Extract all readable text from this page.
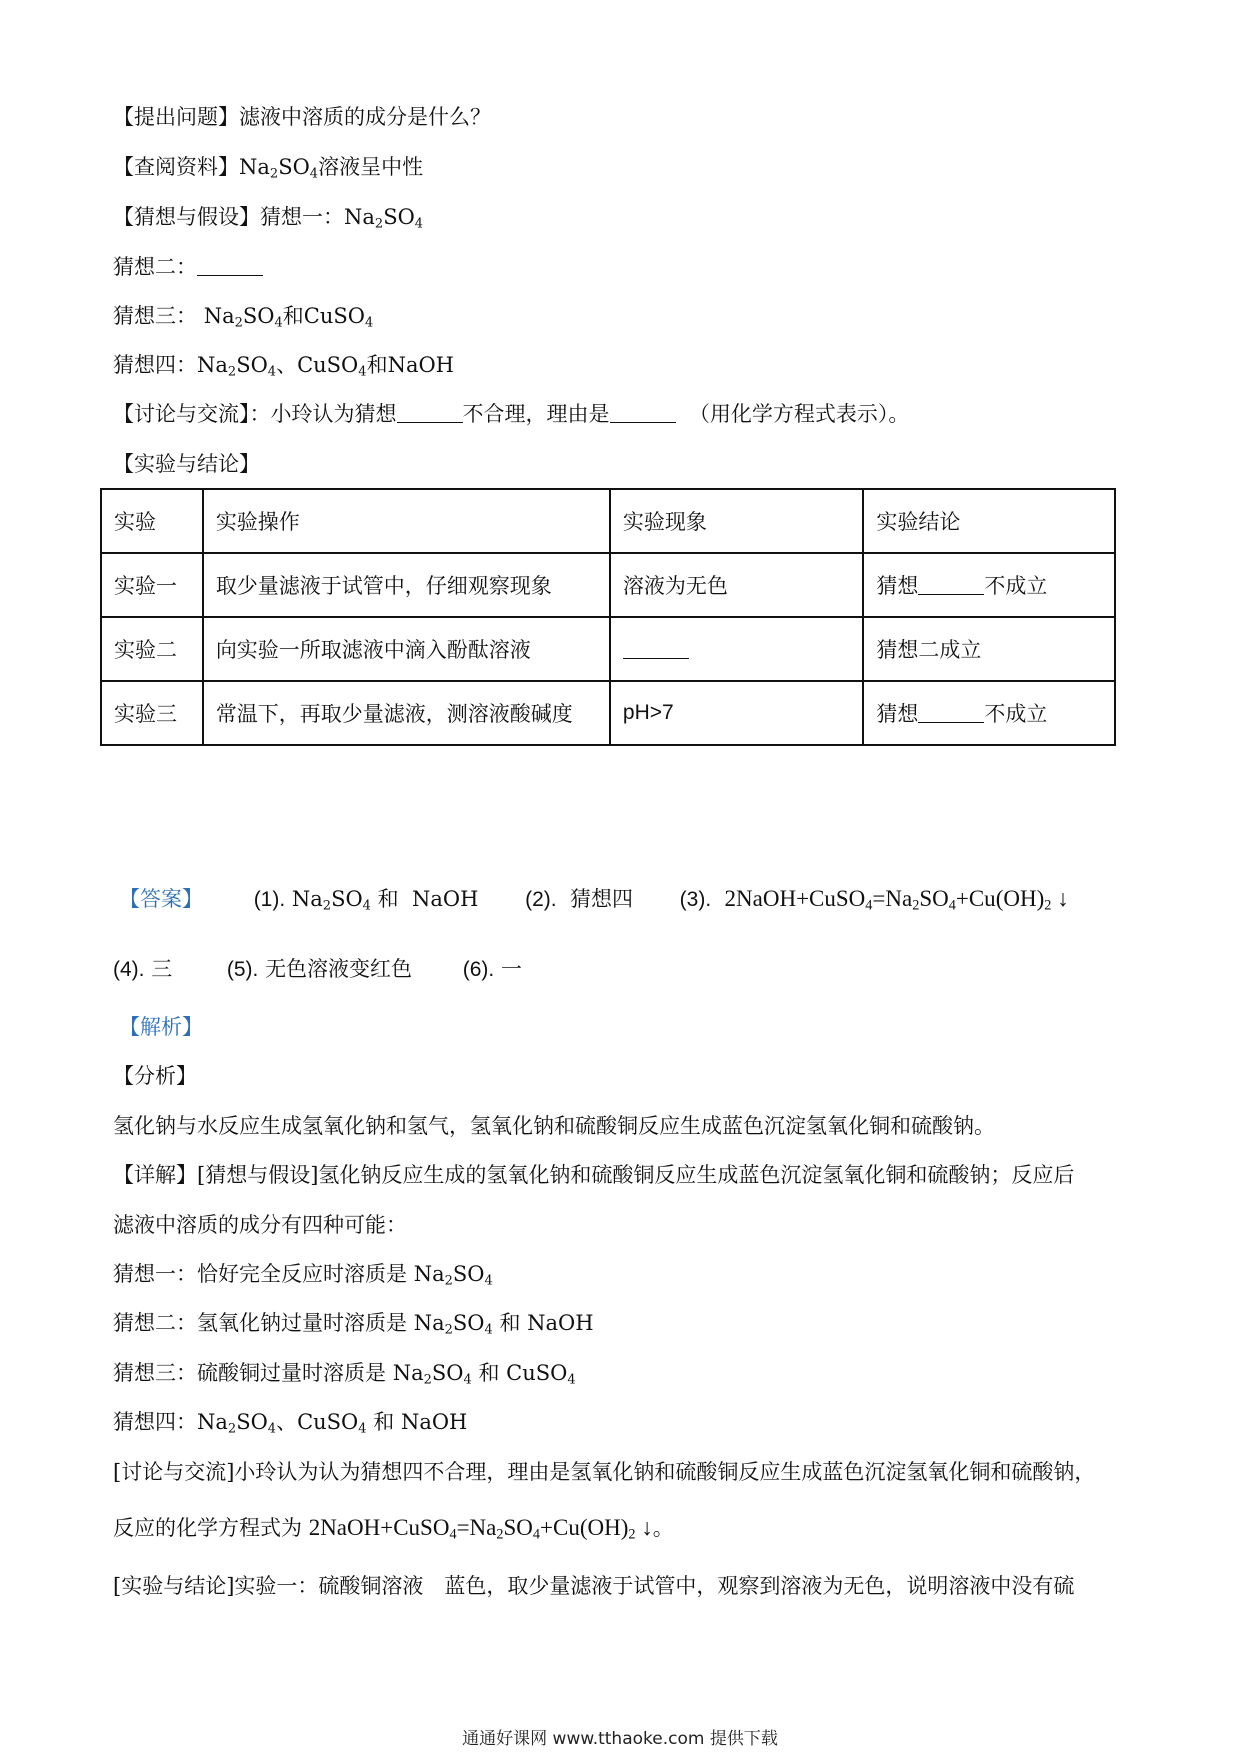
【提出问题】滤液中溶质的成分是什么？
【查阅资料】$Na_2SO_4$溶液呈中性
【猜想与假设】猜想一：$Na_2SO_4$
猜想二：
猜想三： $Na_2SO_4$和CuSO$_4$
猜想四：$Na_2SO_4$、CuSO$_4$和NaOH
【讨论与交流】：小玲认为猜想	不合理，理由是	（用化学方程式表示）。
【实验与结论】
实验	实验操作	实验现象	实验结论
实验一	取少量滤液于试管中，仔细观察现象	溶液为无色	猜想 不成立
实验二	向实验一所取滤液中滴入酚酞溶液		猜想二成立
实验三	常温下，再取少量滤液，测溶液酸碱度	pH>7	猜想 不成立
【答案】 (1). $Na_2SO_4$ 和 NaOH (2). 猜想四 (3). $2NaOH+CuSO_4=Na_2SO_4+Cu(OH)_2$ ↓
(4). 三	(5). 无色溶液变红色 (6). 一
【解析】
【分析】
氢化钠与水反应生成氢氧化钠和氢气，氢氧化钠和硫酸铜反应生成蓝色沉淀氢氧化铜和硫酸钠。
【详解】[猜想与假设]氢化钠反应生成的氢氧化钠和硫酸铜反应生成蓝色沉淀氢氧化铜和硫酸钠；反应后
滤液中溶质的成分有四种可能：
猜想一：恰好完全反应时溶质是 $Na_2SO_4$
猜想二：氢氧化钠过量时溶质是 $Na_2SO_4$ 和 NaOH
猜想三：硫酸铜过量时溶质是 $Na_2SO_4$ 和 CuSO$_4$
猜想四：$Na_2SO_4$、CuSO$_4$ 和 NaOH
[讨论与交流]小玲认为认为猜想四不合理，理由是氢氧化钠和硫酸铜反应生成蓝色沉淀氢氧化铜和硫酸钠，
反应的化学方程式为 $2NaOH+CuSO_4=Na_2SO_4+Cu(OH)_2$ ↓。
[实验与结论]实验一：硫酸铜溶液　蓝色，取少量滤液于试管中，观察到溶液为无色，说明溶液中没有硫
通通好课网 www.tthaoke.com 提供下载
